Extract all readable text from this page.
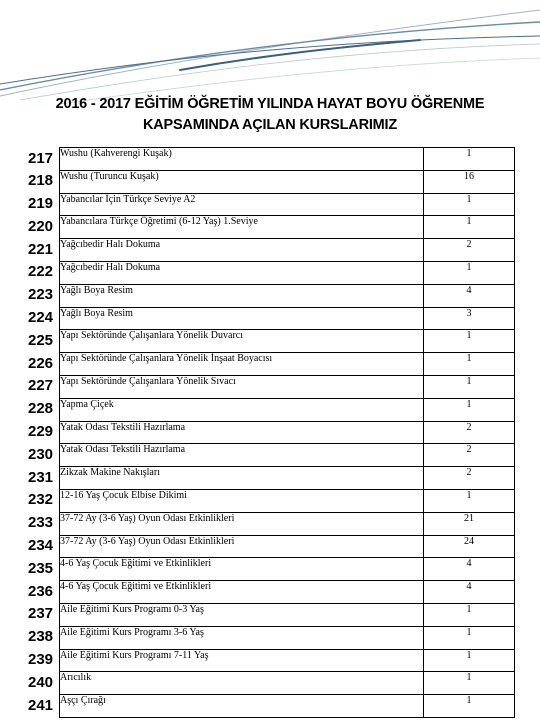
2016 - 2017 EĞİTİM ÖĞRETİM YILINDA HAYAT BOYU ÖĞRENME
KAPSAMINDA AÇILAN KURSLARIMIZ
217	Wushu (Kahverengi Kuşak)	1
218	Wushu (Turuncu Kuşak)	16
219	Yabancılar İçin Türkçe Seviye A2	1
220	Yabancılara Türkçe Öğretimi (6-12 Yaş) 1.Seviye	1
221	Yağcıbedir Halı Dokuma	2
222	Yağcıbedir Halı Dokuma	1
223	Yağlı Boya Resim	4
224	Yağlı Boya Resim	3
225	Yapı Sektöründe Çalışanlara Yönelik Duvarcı	1
226	Yapı Sektöründe Çalışanlara Yönelik İnşaat Boyacısı	1
227	Yapı Sektöründe Çalışanlara Yönelik Sıvacı	1
228	Yapma Çiçek	1
229	Yatak Odası Tekstili Hazırlama	2
230	Yatak Odası Tekstili Hazırlama	2
231	Zikzak Makine Nakışları	2
232	12-16 Yaş Çocuk Elbise Dikimi	1
233	37-72 Ay (3-6 Yaş) Oyun Odası Etkinlikleri	21
234	37-72 Ay (3-6 Yaş) Oyun Odası Etkinlikleri	24
235	4-6 Yaş Çocuk Eğitimi ve Etkinlikleri	4
236	4-6 Yaş Çocuk Eğitimi ve Etkinlikleri	4
237	Aile Eğitimi Kurs Programı 0-3 Yaş	1
238	Aile Eğitimi Kurs Programı 3-6 Yaş	1
239	Aile Eğitimi Kurs Programı 7-11 Yaş	1
240	Arıcılık	1
241	Aşçı Çırağı	1
